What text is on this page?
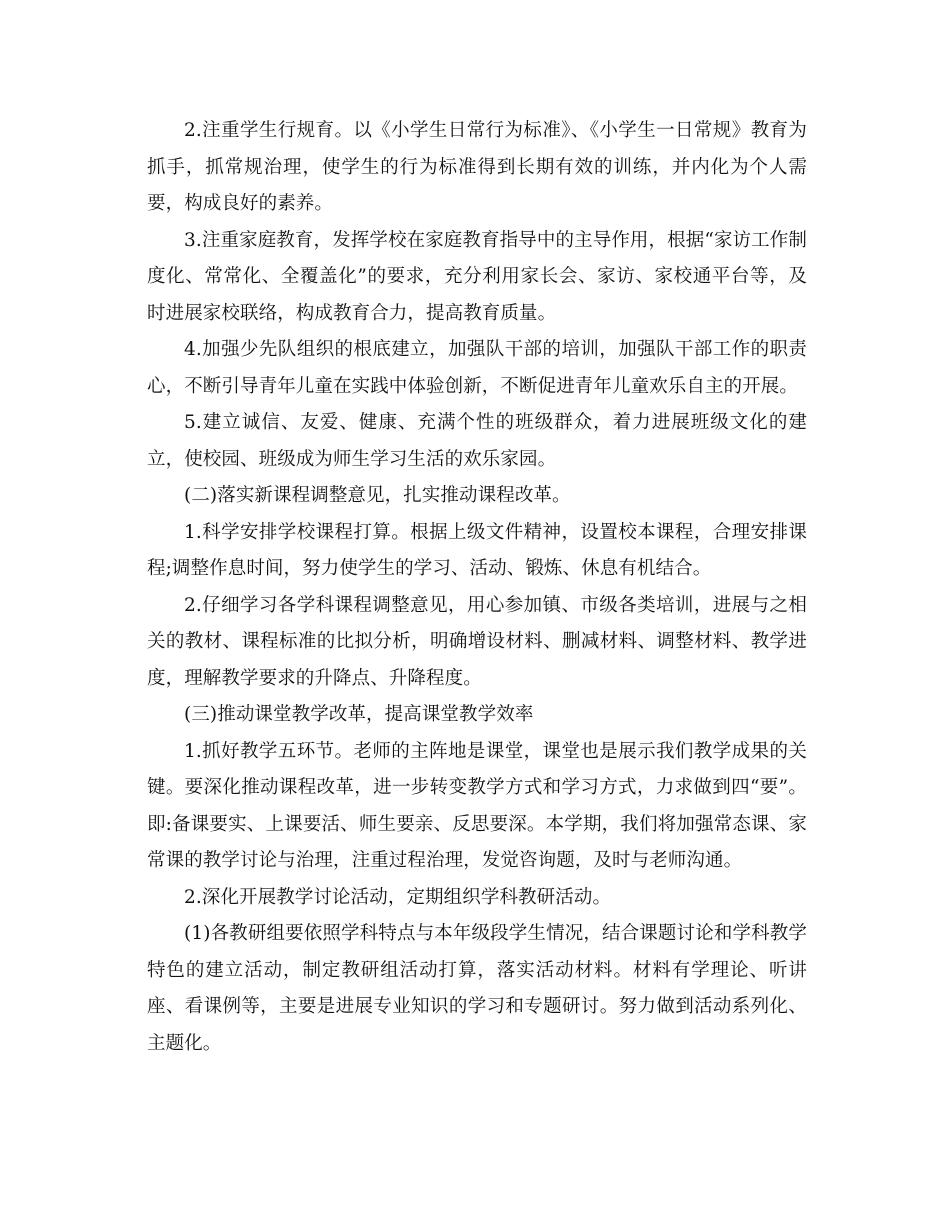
2.注重学生行规育。以《小学生日常行为标准》、《小学生一日常规》教育为抓手，抓常规治理，使学生的行为标准得到长期有效的训练，并内化为个人需要，构成良好的素养。

3.注重家庭教育，发挥学校在家庭教育指导中的主导作用，根据“家访工作制度化、常常化、全覆盖化”的要求，充分利用家长会、家访、家校通平台等，及时进展家校联络，构成教育合力，提高教育质量。

4.加强少先队组织的根底建立，加强队干部的培训，加强队干部工作的职责心，不断引导青年儿童在实践中体验创新，不断促进青年儿童欢乐自主的开展。

5.建立诚信、友爱、健康、充满个性的班级群众，着力进展班级文化的建立，使校园、班级成为师生学习生活的欢乐家园。

(二)落实新课程调整意见，扎实推动课程改革。

1.科学安排学校课程打算。根据上级文件精神，设置校本课程，合理安排课程;调整作息时间，努力使学生的学习、活动、锻炼、休息有机结合。

2.仔细学习各学科课程调整意见，用心参加镇、市级各类培训，进展与之相关的教材、课程标准的比拟分析，明确增设材料、删减材料、调整材料、教学进度，理解教学要求的升降点、升降程度。

(三)推动课堂教学改革，提高课堂教学效率

1.抓好教学五环节。老师的主阵地是课堂，课堂也是展示我们教学成果的关键。要深化推动课程改革，进一步转变教学方式和学习方式，力求做到四“要”。即:备课要实、上课要活、师生要亲、反思要深。本学期，我们将加强常态课、家常课的教学讨论与治理，注重过程治理，发觉咨询题，及时与老师沟通。

2.深化开展教学讨论活动，定期组织学科教研活动。

(1)各教研组要依照学科特点与本年级段学生情况，结合课题讨论和学科教学特色的建立活动，制定教研组活动打算，落实活动材料。材料有学理论、听讲座、看课例等，主要是进展专业知识的学习和专题研讨。努力做到活动系列化、主题化。
